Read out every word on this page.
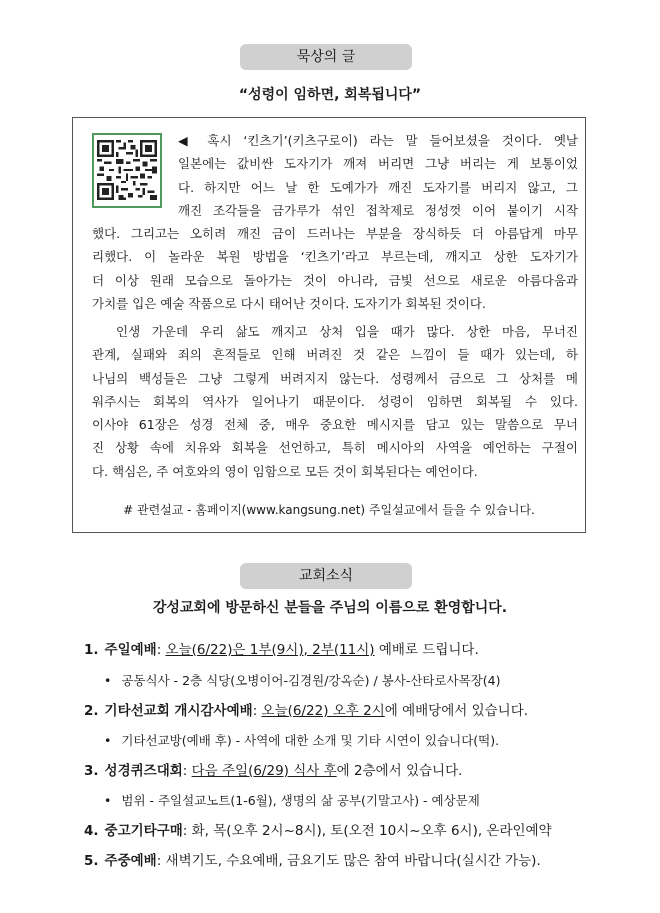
묵상의 글
“성령이 임하면, 회복됩니다”
◀ 혹시 ‘킨츠기’(키츠구로이) 라는 말 들어보셨을 것이다. 옛날
일본에는 값비싼 도자기가 깨져 버리면 그냥 버리는 게 보통이었
다. 하지만 어느 날 한 도예가가 깨진 도자기를 버리지 않고, 그
깨진 조각들을 금가루가 섞인 접착제로 정성껏 이어 붙이기 시작
했다. 그리고는 오히려 깨진 금이 드러나는 부분을 장식하듯 더 아름답게 마무
리했다. 이 놀라운 복원 방법을 ‘킨츠기’라고 부르는데, 깨지고 상한 도자기가
더 이상 원래 모습으로 돌아가는 것이 아니라, 금빛 선으로 새로운 아름다움과
가치를 입은 예술 작품으로 다시 태어난 것이다. 도자기가 회복된 것이다.
인생 가운데 우리 삶도 깨지고 상처 입을 때가 많다. 상한 마음, 무너진
관계, 실패와 죄의 흔적들로 인해 버려진 것 같은 느낌이 들 때가 있는데, 하
나님의 백성들은 그냥 그렇게 버려지지 않는다. 성령께서 금으로 그 상처를 메
워주시는 회복의 역사가 일어나기 때문이다. 성령이 임하면 회복될 수 있다.
이사야 61장은 성경 전체 중, 매우 중요한 메시지를 담고 있는 말씀으로 무너
진 상황 속에 치유와 회복을 선언하고, 특히 메시아의 사역을 예언하는 구절이
다. 핵심은, 주 여호와의 영이 임함으로 모든 것이 회복된다는 예언이다.
# 관련설교 - 홈페이지(www.kangsung.net) 주일설교에서 들을 수 있습니다.
교회소식
강성교회에 방문하신 분들을 주님의 이름으로 환영합니다.
1. 주일예배: 오늘(6/22)은 1부(9시), 2부(11시) 예배로 드립니다.
• 공동식사 - 2층 식당(오병이어-김경원/강옥순) / 봉사-산타로사목장(4)
2. 기타선교회 개시감사예배: 오늘(6/22) 오후 2시에 예배당에서 있습니다.
• 기타선교방(예배 후) - 사역에 대한 소개 및 기타 시연이 있습니다(떡).
3. 성경퀴즈대회: 다음 주일(6/29) 식사 후에 2층에서 있습니다.
• 범위 - 주일설교노트(1-6월), 생명의 삶 공부(기말고사) - 예상문제
4. 중고기타구매: 화, 목(오후 2시~8시), 토(오전 10시~오후 6시), 온라인예약
5. 주중예배: 새벽기도, 수요예배, 금요기도 많은 참여 바랍니다(실시간 가능).
